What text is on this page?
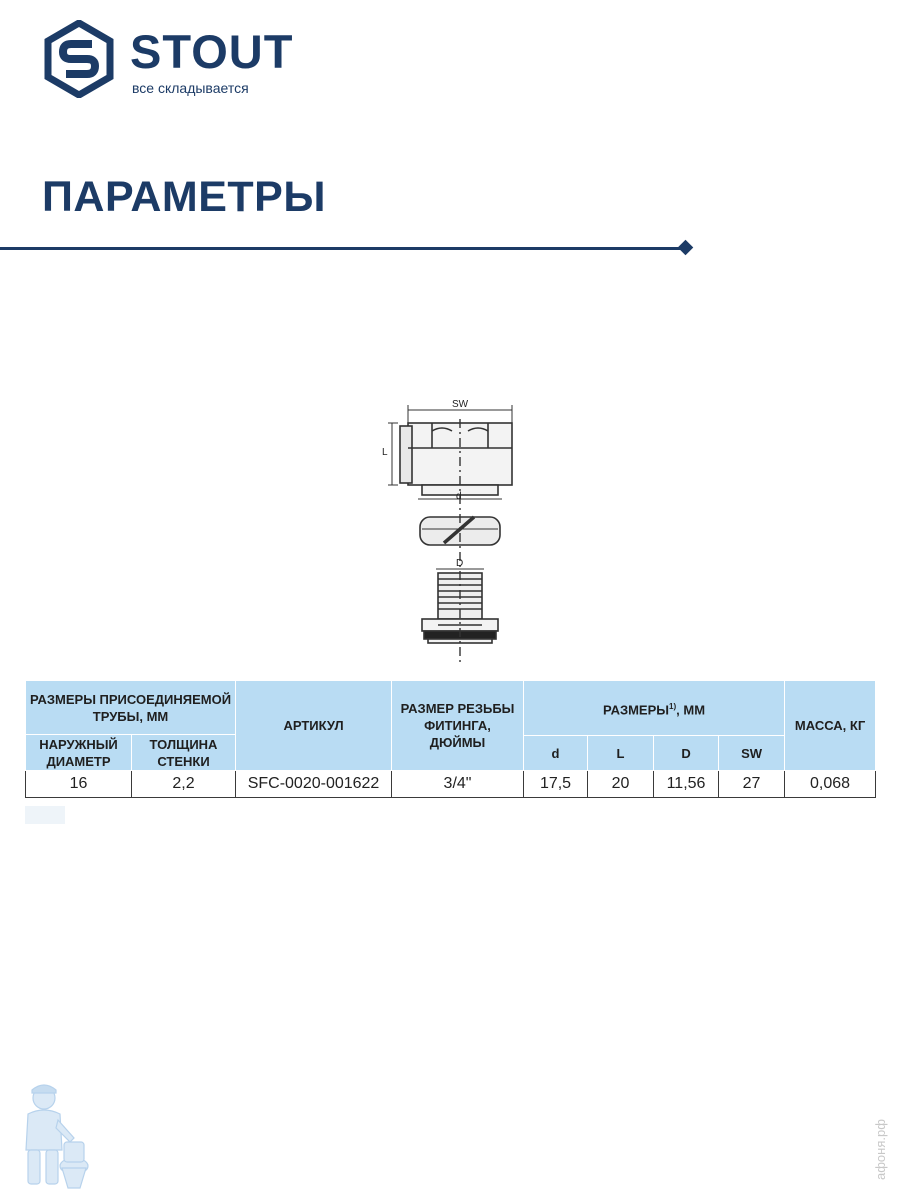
STOUT
все складывается
ПАРАМЕТРЫ
SW
L
d
D
РАЗМЕРЫ ПРИСОЕДИНЯЕМОЙ ТРУБЫ, ММ		АРТИКУЛ	РАЗМЕР РЕЗЬБЫ ФИТИНГА, ДЮЙМЫ	РАЗМЕРЫ$^{1)}$, ММ				МАССА, КГ
НАРУЖНЫЙ ДИАМЕТР	ТОЛЩИНА СТЕНКИ							
				d	L	D	SW	
16	2,2	SFC-0020-001622	3/4"	17,5	20	11,56	27	0,068
афоня.рф
